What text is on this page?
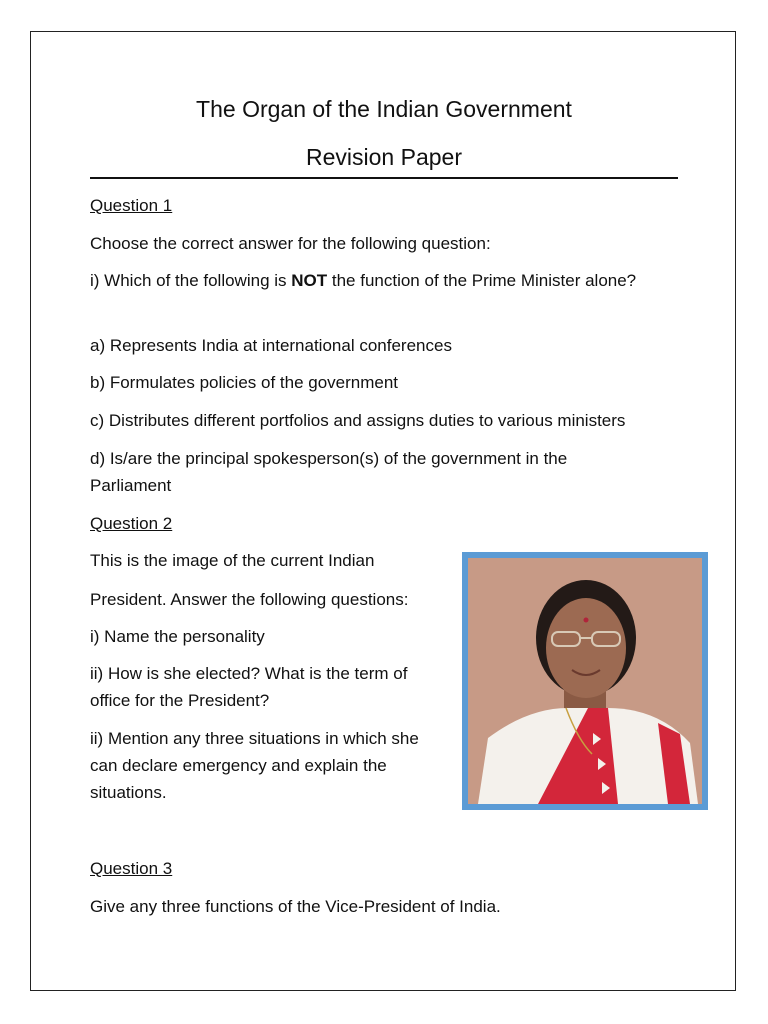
The Organ of the Indian Government
Revision Paper
Question 1
Choose the correct answer for the following question:
i) Which of the following is NOT the function of the Prime Minister alone?
a) Represents India at international conferences
b) Formulates policies of the government
c) Distributes different portfolios and assigns duties to various ministers
d) Is/are the principal spokesperson(s) of the government in the Parliament
Question 2
This is the image of the current Indian
President. Answer the following questions:
i) Name the personality
ii) How is she elected? What is the term of office for the President?
ii) Mention any three situations in which she can declare emergency and explain the situations.
Question 3
Give any three functions of the Vice-President of India.
